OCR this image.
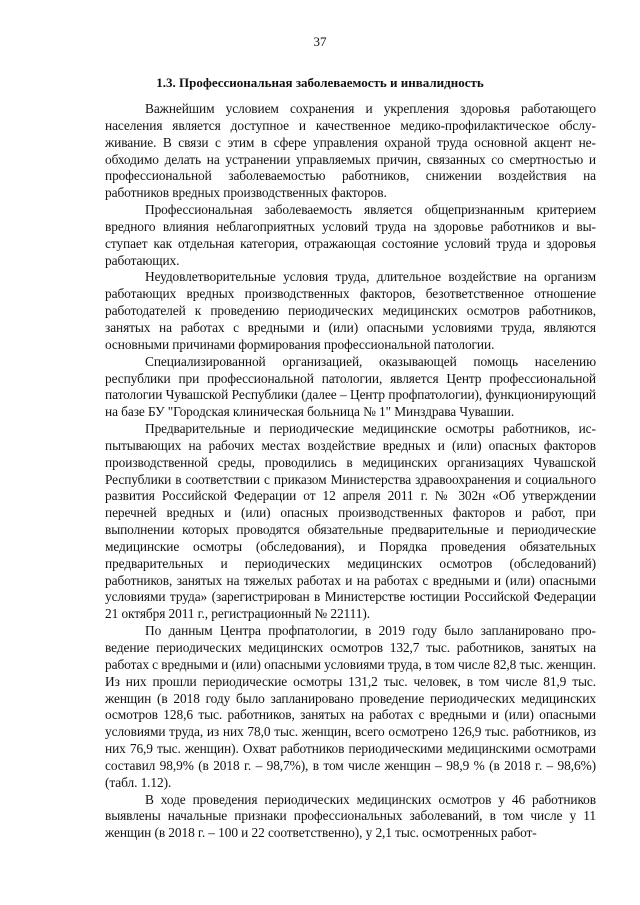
37
1.3. Профессиональная заболеваемость и инвалидность

Важнейшим условием сохранения и укрепления здоровья работающего населения является доступное и качественное медико-профилактическое обслуживание. В связи с этим в сфере управления охраной труда основной акцент необходимо делать на устранении управляемых причин, связанных со смертностью и профессиональной заболеваемостью работников, снижении воздействия на работников вредных производственных факторов.

Профессиональная заболеваемость является общепризнанным критерием вредного влияния неблагоприятных условий труда на здоровье работников и выступает как отдельная категория, отражающая состояние условий труда и здоровья работающих.

Неудовлетворительные условия труда, длительное воздействие на организм работающих вредных производственных факторов, безответственное отношение работодателей к проведению периодических медицинских осмотров работников, занятых на работах с вредными и (или) опасными условиями труда, являются основными причинами формирования профессиональной патологии.

Специализированной организацией, оказывающей помощь населению республики при профессиональной патологии, является Центр профессиональной патологии Чувашской Республики (далее – Центр профпатологии), функционирующий на базе БУ "Городская клиническая больница № 1" Минздрава Чувашии.

Предварительные и периодические медицинские осмотры работников, испытывающих на рабочих местах воздействие вредных и (или) опасных факторов производственной среды, проводились в медицинских организациях Чувашской Республики в соответствии с приказом Министерства здравоохранения и социального развития Российской Федерации от 12 апреля 2011 г. № 302н «Об утверждении перечней вредных и (или) опасных производственных факторов и работ, при выполнении которых проводятся обязательные предварительные и периодические медицинские осмотры (обследования), и Порядка проведения обязательных предварительных и периодических медицинских осмотров (обследований) работников, занятых на тяжелых работах и на работах с вредными и (или) опасными условиями труда» (зарегистрирован в Министерстве юстиции Российской Федерации 21 октября 2011 г., регистрационный № 22111).

По данным Центра профпатологии, в 2019 году было запланировано проведение периодических медицинских осмотров 132,7 тыс. работников, занятых на работах с вредными и (или) опасными условиями труда, в том числе 82,8 тыс. женщин. Из них прошли периодические осмотры 131,2 тыс. человек, в том числе 81,9 тыс. женщин (в 2018 году было запланировано проведение периодических медицинских осмотров 128,6 тыс. работников, занятых на работах с вредными и (или) опасными условиями труда, из них 78,0 тыс. женщин, всего осмотрено 126,9 тыс. работников, из них 76,9 тыс. женщин). Охват работников периодическими медицинскими осмотрами составил 98,9% (в 2018 г. – 98,7%), в том числе женщин – 98,9 % (в 2018 г. – 98,6%) (табл. 1.12).

В ходе проведения периодических медицинских осмотров у 46 работников выявлены начальные признаки профессиональных заболеваний, в том числе у 11 женщин (в 2018 г. – 100 и 22 соответственно), у 2,1 тыс. осмотренных работ-
